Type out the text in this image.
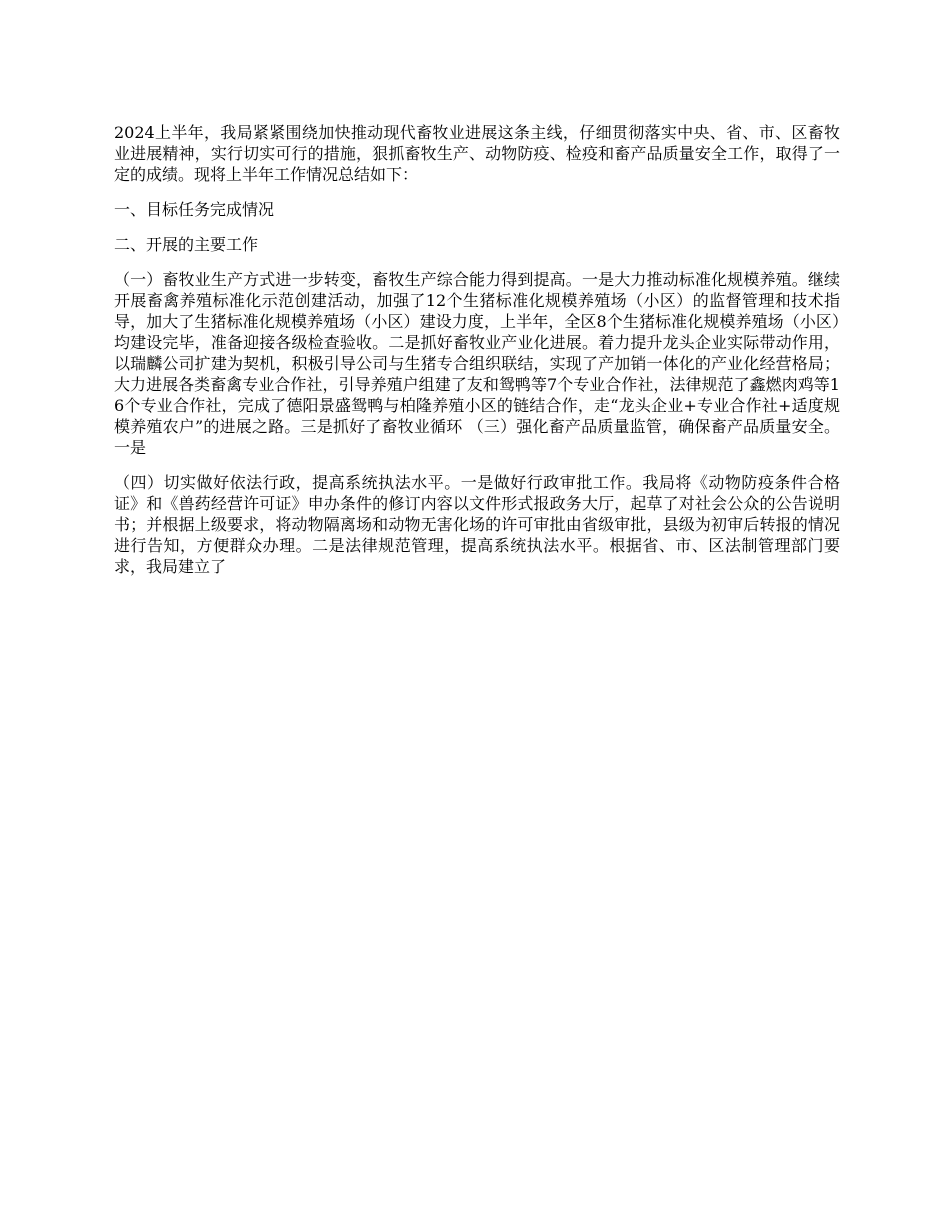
2024上半年，我局紧紧围绕加快推动现代畜牧业进展这条主线，仔细贯彻落实中央、省、市、区畜牧业进展精神，实行切实可行的措施，狠抓畜牧生产、动物防疫、检疫和畜产品质量安全工作，取得了一定的成绩。现将上半年工作情况总结如下：

一、目标任务完成情况

二、开展的主要工作

（一）畜牧业生产方式进一步转变，畜牧生产综合能力得到提高。一是大力推动标准化规模养殖。继续开展畜禽养殖标准化示范创建活动，加强了12个生猪标准化规模养殖场（小区）的监督管理和技术指导，加大了生猪标准化规模养殖场（小区）建设力度，上半年，全区8个生猪标准化规模养殖场（小区）均建设完毕，准备迎接各级检查验收。二是抓好畜牧业产业化进展。着力提升龙头企业实际带动作用，以瑞麟公司扩建为契机，积极引导公司与生猪专合组织联结，实现了产加销一体化的产业化经营格局；大力进展各类畜禽专业合作社，引导养殖户组建了友和鸳鸭等7个专业合作社，法律规范了鑫燃肉鸡等16个专业合作社，完成了德阳景盛鸳鸭与柏隆养殖小区的链结合作，走“龙头企业+专业合作社+适度规模养殖农户”的进展之路。三是抓好了畜牧业循环 （三）强化畜产品质量监管，确保畜产品质量安全。一是

（四）切实做好依法行政，提高系统执法水平。一是做好行政审批工作。我局将《动物防疫条件合格证》和《兽药经营许可证》申办条件的修订内容以文件形式报政务大厅，起草了对社会公众的公告说明书；并根据上级要求，将动物隔离场和动物无害化场的许可审批由省级审批，县级为初审后转报的情况进行告知，方便群众办理。二是法律规范管理，提高系统执法水平。根据省、市、区法制管理部门要求，我局建立了
